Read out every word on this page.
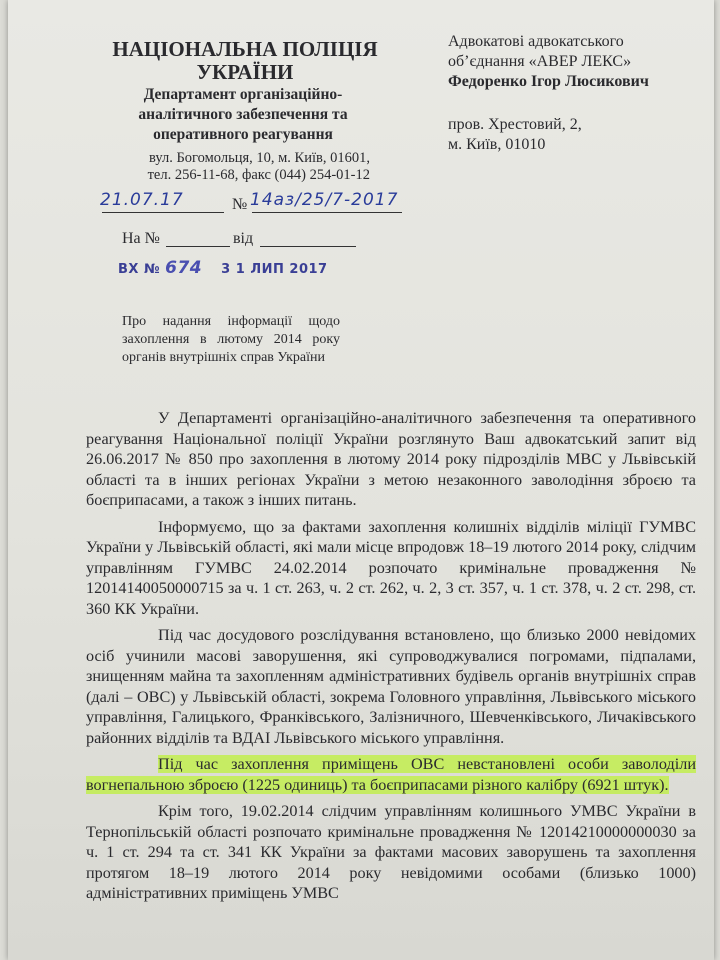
НАЦІОНАЛЬНА ПОЛІЦІЯ УКРАЇНИ
Департамент організаційно-аналітичного забезпечення та оперативного реагування
вул. Богомольця, 10, м. Київ, 01601,
тел. 256-11-68, факс (044) 254-01-12
Адвокатові адвокатського
об’єднання «АВЕР ЛЕКС»
Федоренко Ігор Люсикович
пров. Хрестовий, 2,
м. Київ, 01010
21.07.17	№ 14аз/25/7-2017
На №	від
ВХ № 674 3 1 ЛИП 2017
Про надання інформації щодо захоплення в лютому 2014 року органів внутрішніх справ України

У Департаменті організаційно-аналітичного забезпечення та оперативного реагування Національної поліції України розглянуто Ваш адвокатський запит від 26.06.2017 № 850 про захоплення в лютому 2014 року підрозділів МВС у Львівській області та в інших регіонах України з метою незаконного заволодіння зброєю та боєприпасами, а також з інших питань.

Інформуємо, що за фактами захоплення колишніх відділів міліції ГУМВС України у Львівській області, які мали місце впродовж 18–19 лютого 2014 року, слідчим управлінням ГУМВС 24.02.2014 розпочато кримінальне провадження № 12014140050000715 за ч. 1 ст. 263, ч. 2 ст. 262, ч. 2, 3 ст. 357, ч. 1 ст. 378, ч. 2 ст. 298, ст. 360 КК України.

Під час досудового розслідування встановлено, що близько 2000 невідомих осіб учинили масові заворушення, які супроводжувалися погромами, підпалами, знищенням майна та захопленням адміністративних будівель органів внутрішніх справ (далі – ОВС) у Львівській області, зокрема Головного управління, Львівського міського управління, Галицького, Франківського, Залізничного, Шевченківського, Личаківського районних відділів та ВДАІ Львівського міського управління.

Під час захоплення приміщень ОВС невстановлені особи заволоділи вогнепальною зброєю (1225 одиниць) та боєприпасами різного калібру (6921 штук).

Крім того, 19.02.2014 слідчим управлінням колишнього УМВС України в Тернопільській області розпочато кримінальне провадження № 12014210000000030 за ч. 1 ст. 294 та ст. 341 КК України за фактами масових заворушень та захоплення протягом 18–19 лютого 2014 року невідомими особами (близько 1000) адміністративних приміщень УМВС
